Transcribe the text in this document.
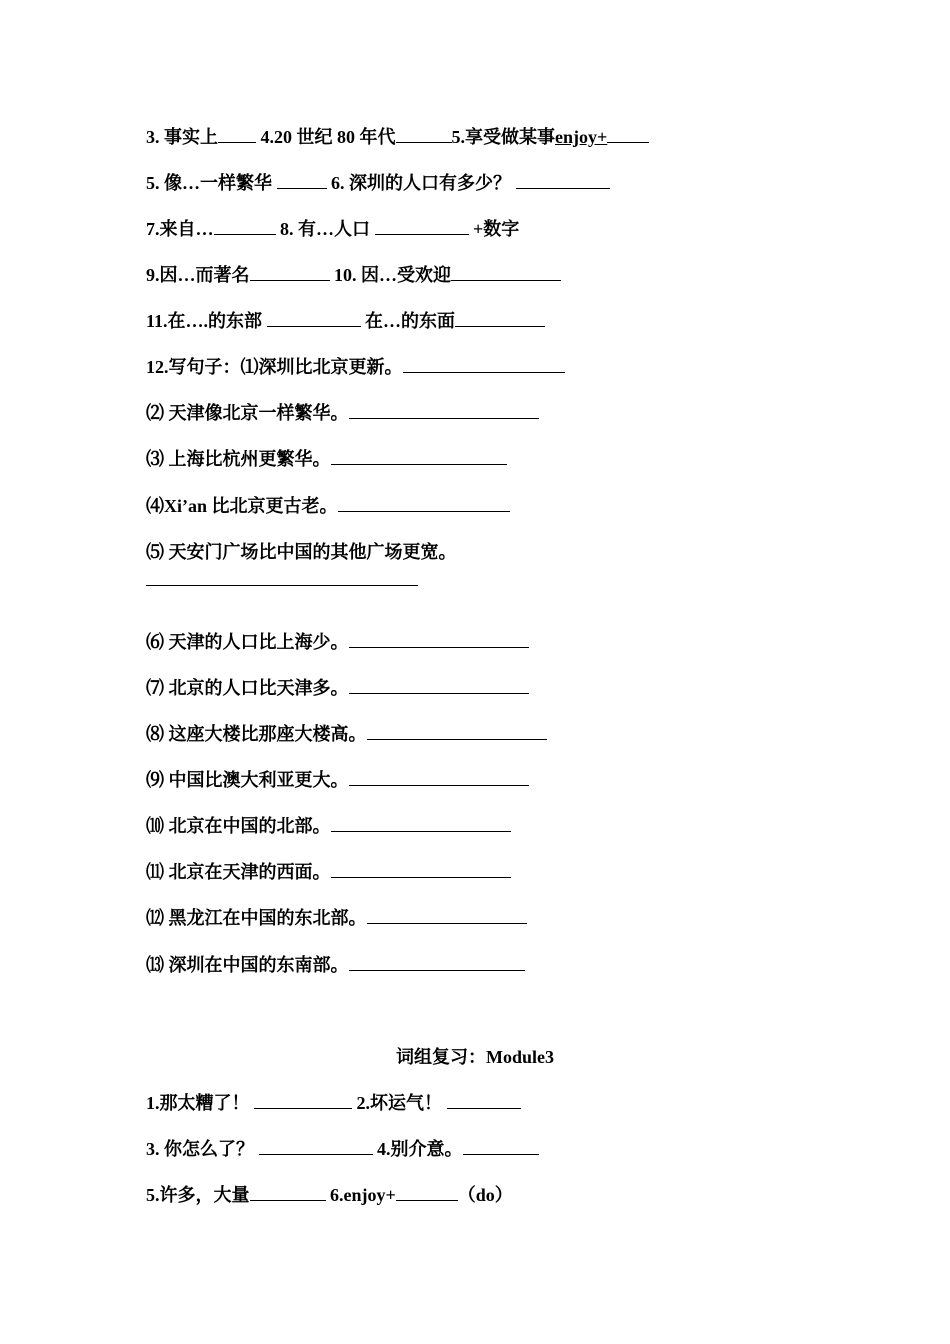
3. 事实上 4.20 世纪 80 年代	5.享受做某事enjoy+
5. 像…一样繁华	6. 深圳的人口有多少？
7.来自…	8. 有…人口	+数字
9.因…而著名	10. 因…受欢迎
11.在….的东部	在…的东面
12.写句子：⑴深圳比北京更新。
⑵ 天津像北京一样繁华。
⑶ 上海比杭州更繁华。
⑷Xi’an 比北京更古老。
⑸ 天安门广场比中国的其他广场更宽。
⑹ 天津的人口比上海少。
⑺ 北京的人口比天津多。
⑻ 这座大楼比那座大楼高。
⑼ 中国比澳大利亚更大。
⑽ 北京在中国的北部。
⑾ 北京在天津的西面。
⑿ 黑龙江在中国的东北部。
⒀ 深圳在中国的东南部。
词组复习：Module3
1.那太糟了！	2.坏运气！
3. 你怎么了？	4.别介意。
5.许多，大量	6.enjoy+	（do）
